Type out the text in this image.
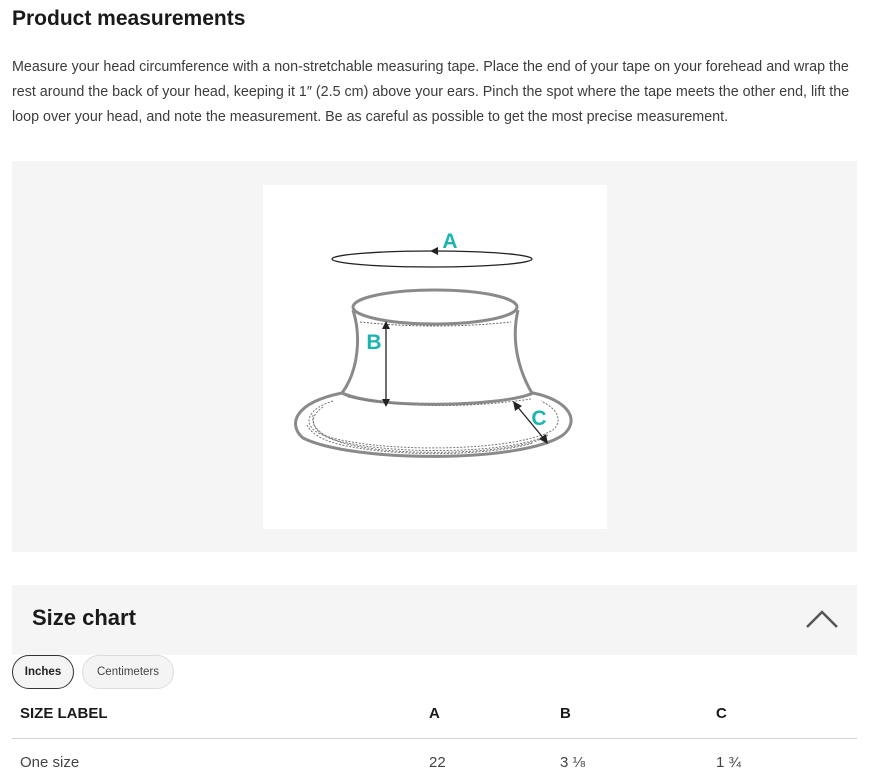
Product measurements

Measure your head circumference with a non-stretchable measuring tape. Place the end of your tape on your forehead and wrap the rest around the back of your head, keeping it 1″ (2.5 cm) above your ears. Pinch the spot where the tape meets the other end, lift the loop over your head, and note the measurement. Be as careful as possible to get the most precise measurement.

A
B
C
Size chart
Inches	Centimeters
SIZE LABEL	A	B	C
One size	22	3 ⅛	1 ¾
